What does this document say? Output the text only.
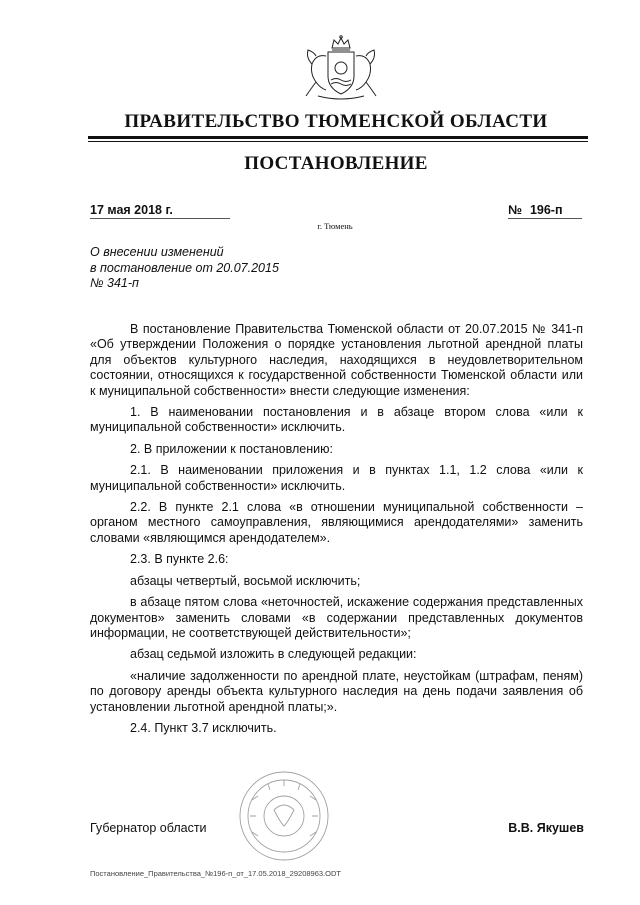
ПРАВИТЕЛЬСТВО ТЮМЕНСКОЙ ОБЛАСТИ
ПОСТАНОВЛЕНИЕ
17 мая 2018 г.	№ 196-п
г. Тюмень
О внесении изменений
в постановление от 20.07.2015
№ 341-п

В постановление Правительства Тюменской области от 20.07.2015 № 341-п «Об утверждении Положения о порядке установления льготной арендной платы для объектов культурного наследия, находящихся в неудовлетворительном состоянии, относящихся к государственной собственности Тюменской области или к муниципальной собственности» внести следующие изменения:

1. В наименовании постановления и в абзаце втором слова «или к муниципальной собственности» исключить.

2. В приложении к постановлению:

2.1. В наименовании приложения и в пунктах 1.1, 1.2 слова «или к муниципальной собственности» исключить.

2.2. В пункте 2.1 слова «в отношении муниципальной собственности – органом местного самоуправления, являющимися арендодателями» заменить словами «являющимся арендодателем».

2.3. В пункте 2.6:

абзацы четвертый, восьмой исключить;

в абзаце пятом слова «неточностей, искажение содержания представленных документов» заменить словами «в содержании представленных документов информации, не соответствующей действительности»;

абзац седьмой изложить в следующей редакции:

«наличие задолженности по арендной плате, неустойкам (штрафам, пеням) по договору аренды объекта культурного наследия на день подачи заявления об установлении льготной арендной платы;».

2.4. Пункт 3.7 исключить.

Губернатор области	В.В. Якушев
Постановление_Правительства_№196-п_от_17.05.2018_29208963.ODT
